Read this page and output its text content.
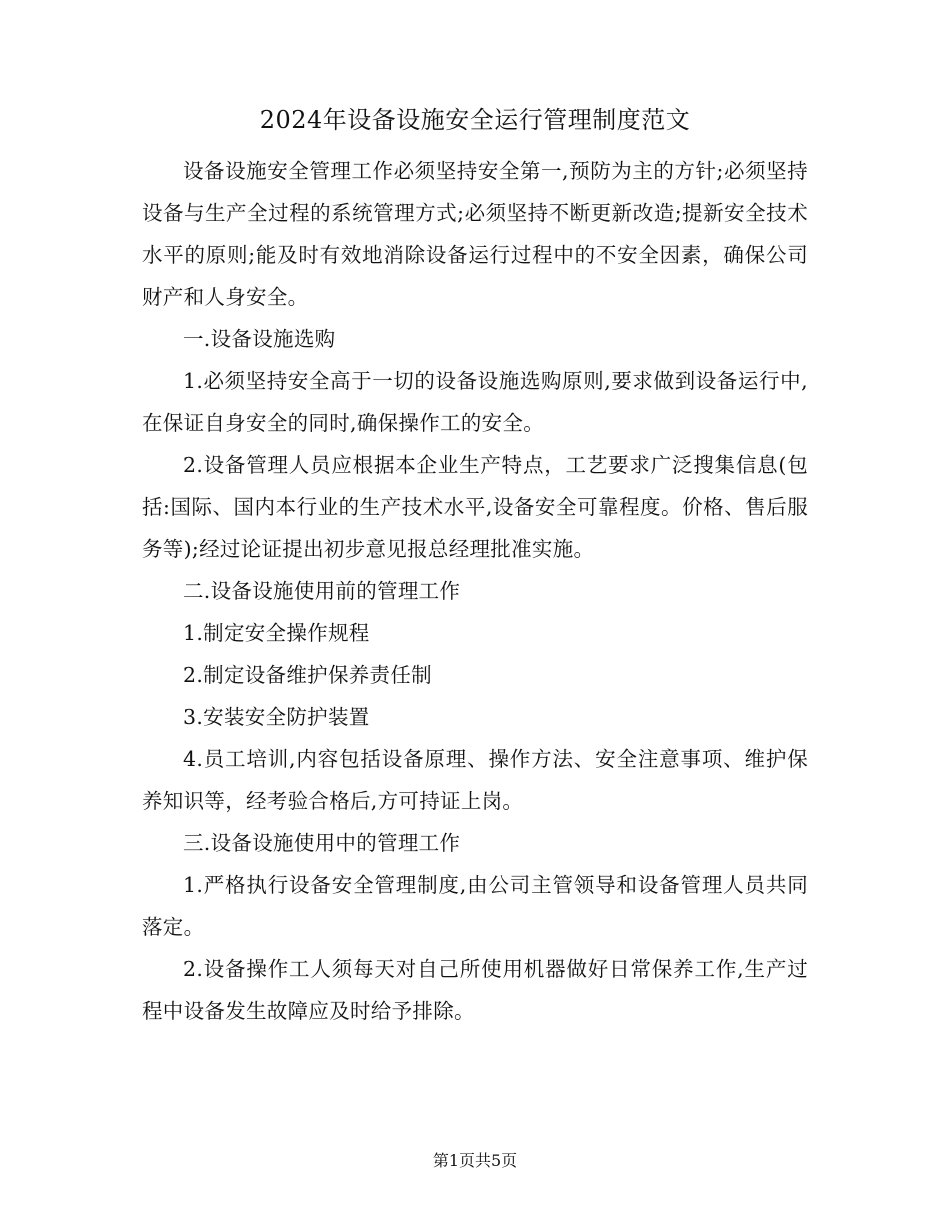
2024年设备设施安全运行管理制度范文

设备设施安全管理工作必须坚持安全第一,预防为主的方针;必须坚持设备与生产全过程的系统管理方式;必须坚持不断更新改造;提新安全技术水平的原则;能及时有效地消除设备运行过程中的不安全因素，确保公司财产和人身安全。

一.设备设施选购

1.必须坚持安全高于一切的设备设施选购原则,要求做到设备运行中,在保证自身安全的同时,确保操作工的安全。

2.设备管理人员应根据本企业生产特点，工艺要求广泛搜集信息(包括:国际、国内本行业的生产技术水平,设备安全可靠程度。价格、售后服务等);经过论证提出初步意见报总经理批准实施。

二.设备设施使用前的管理工作

1.制定安全操作规程

2.制定设备维护保养责任制

3.安装安全防护装置

4.员工培训,内容包括设备原理、操作方法、安全注意事项、维护保养知识等，经考验合格后,方可持证上岗。

三.设备设施使用中的管理工作

1.严格执行设备安全管理制度,由公司主管领导和设备管理人员共同落定。

2.设备操作工人须每天对自己所使用机器做好日常保养工作,生产过程中设备发生故障应及时给予排除。

第1页共5页
